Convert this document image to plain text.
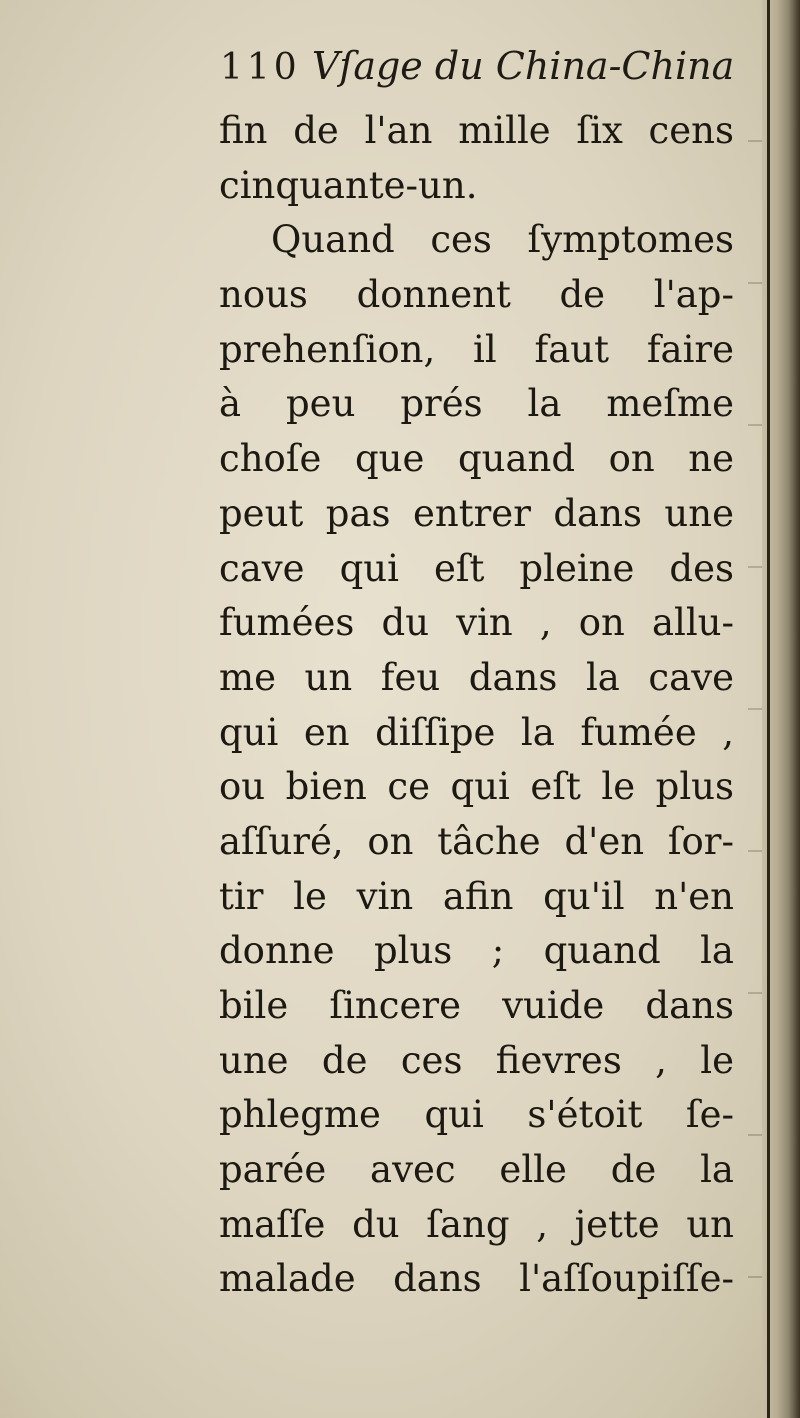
110 Vſage du China-China
fin de l'an mille ſix cens
cinquante-un.
Quand ces ſymptomes
nous donnent de l'ap-
prehenſion, il faut faire
à peu prés la meſme
choſe que quand on ne
peut pas entrer dans une
cave qui eſt pleine des
fumées du vin , on allu-
me un feu dans la cave
qui en diſſipe la fumée ,
ou bien ce qui eſt le plus
aſſuré, on tâche d'en ſor-
tir le vin afin qu'il n'en
donne plus ; quand la
bile ſincere vuide dans
une de ces fievres , le
phlegme qui s'étoit ſe-
parée avec elle de la
maſſe du ſang , jette un
malade dans l'aſſoupiſſe-
